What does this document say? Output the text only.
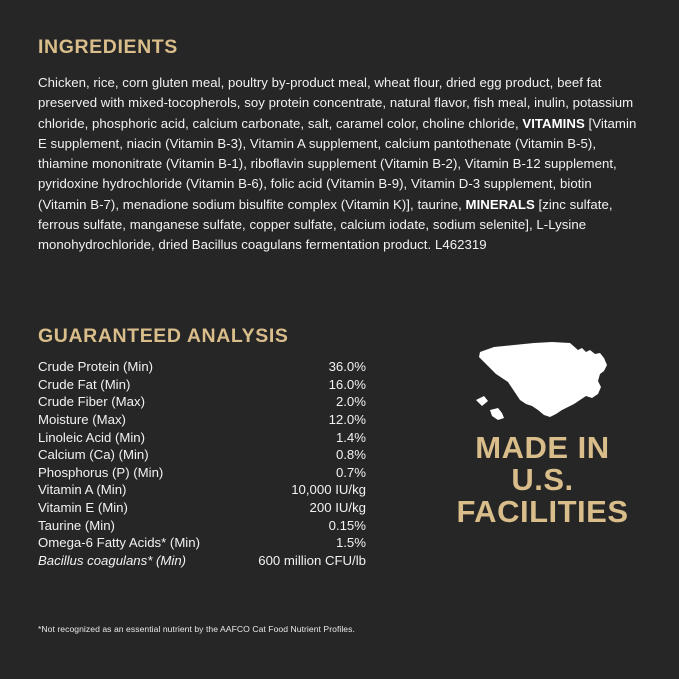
INGREDIENTS
Chicken, rice, corn gluten meal, poultry by-product meal, wheat flour, dried egg product, beef fat preserved with mixed-tocopherols, soy protein concentrate, natural flavor, fish meal, inulin, potassium chloride, phosphoric acid, calcium carbonate, salt, caramel color, choline chloride, VITAMINS [Vitamin E supplement, niacin (Vitamin B-3), Vitamin A supplement, calcium pantothenate (Vitamin B-5), thiamine mononitrate (Vitamin B-1), riboflavin supplement (Vitamin B-2), Vitamin B-12 supplement, pyridoxine hydrochloride (Vitamin B-6), folic acid (Vitamin B-9), Vitamin D-3 supplement, biotin (Vitamin B-7), menadione sodium bisulfite complex (Vitamin K)], taurine, MINERALS [zinc sulfate, ferrous sulfate, manganese sulfate, copper sulfate, calcium iodate, sodium selenite], L-Lysine monohydrochloride, dried Bacillus coagulans fermentation product. L462319
GUARANTEED ANALYSIS
Crude Protein (Min)	36.0%
Crude Fat (Min)	16.0%
Crude Fiber (Max)	2.0%
Moisture (Max)	12.0%
Linoleic Acid (Min)	1.4%
Calcium (Ca) (Min)	0.8%
Phosphorus (P) (Min)	0.7%
Vitamin A (Min)	10,000 IU/kg
Vitamin E (Min)	200 IU/kg
Taurine (Min)	0.15%
Omega-6 Fatty Acids* (Min)	1.5%
Bacillus coagulans* (Min)	600 million CFU/lb
*Not recognized as an essential nutrient by the AAFCO Cat Food Nutrient Profiles.
MADE IN
U.S.
FACILITIES
